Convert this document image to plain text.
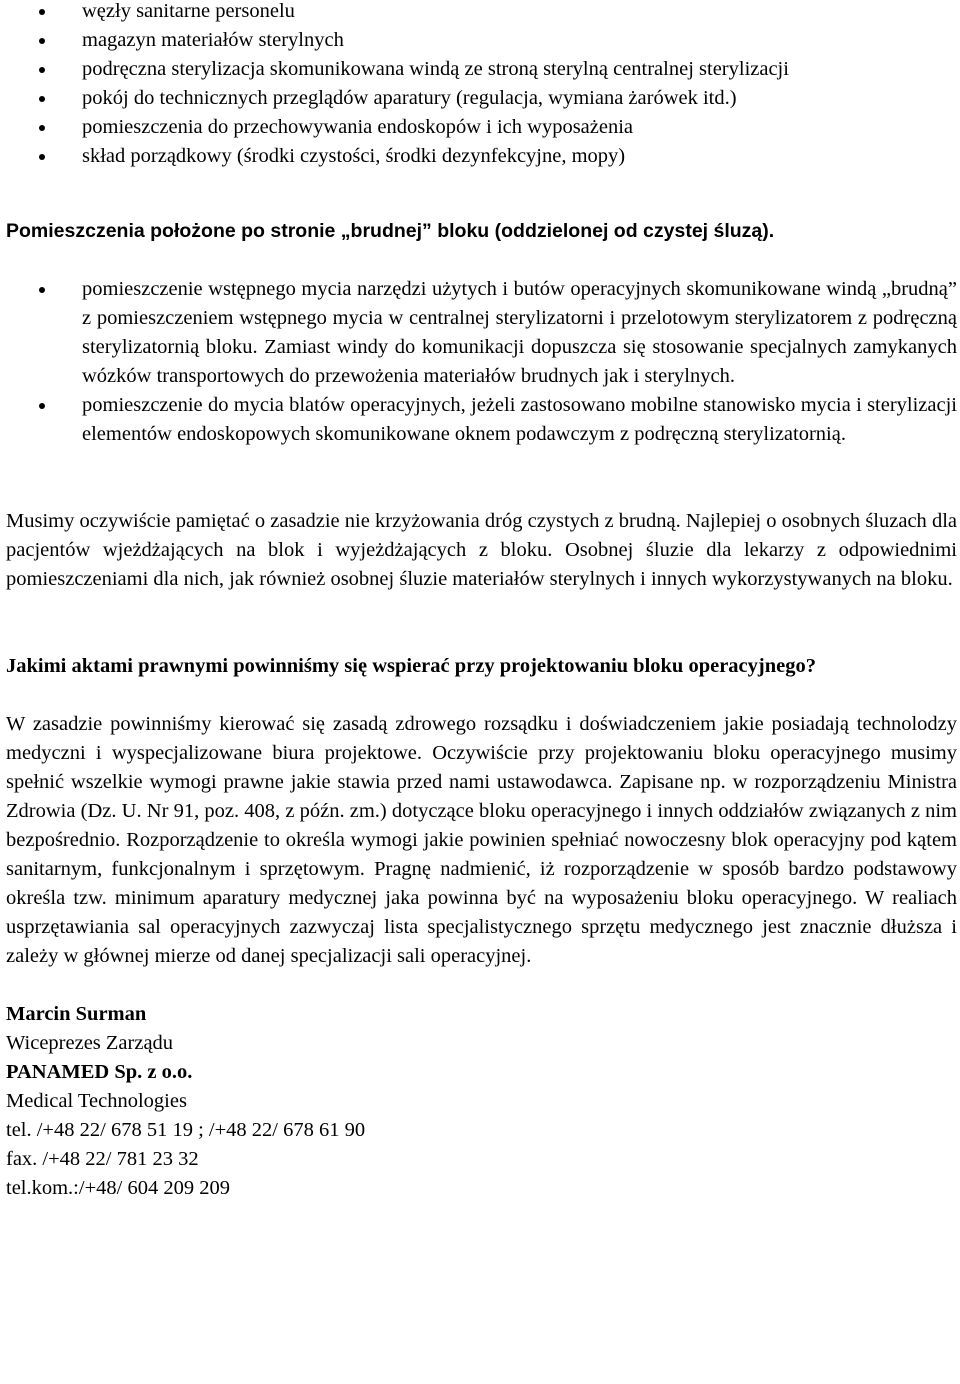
węzły sanitarne personelu
magazyn materiałów sterylnych
podręczna sterylizacja skomunikowana windą ze stroną sterylną centralnej sterylizacji
pokój do technicznych przeglądów aparatury (regulacja, wymiana żarówek itd.)
pomieszczenia do przechowywania endoskopów i ich wyposażenia
skład porządkowy (środki czystości, środki dezynfekcyjne, mopy)

Pomieszczenia położone po stronie „brudnej” bloku (oddzielonej od czystej śluzą).

pomieszczenie wstępnego mycia narzędzi użytych i butów operacyjnych skomunikowane windą „brudną” z pomieszczeniem wstępnego mycia w centralnej sterylizatorni i przelotowym sterylizatorem z podręczną sterylizatornią bloku. Zamiast windy do komunikacji dopuszcza się stosowanie specjalnych zamykanych wózków transportowych do przewożenia materiałów brudnych jak i sterylnych.
pomieszczenie do mycia blatów operacyjnych, jeżeli zastosowano mobilne stanowisko mycia i sterylizacji elementów endoskopowych skomunikowane oknem podawczym z podręczną sterylizatornią.

Musimy oczywiście pamiętać o zasadzie nie krzyżowania dróg czystych z brudną. Najlepiej o osobnych śluzach dla pacjentów wjeżdżających na blok i wyjeżdżających z bloku. Osobnej śluzie dla lekarzy z odpowiednimi pomieszczeniami dla nich, jak również osobnej śluzie materiałów sterylnych i innych wykorzystywanych na bloku.

Jakimi aktami prawnymi powinniśmy się wspierać przy projektowaniu bloku operacyjnego?

W zasadzie powinniśmy kierować się zasadą zdrowego rozsądku i doświadczeniem jakie posiadają technolodzy medyczni i wyspecjalizowane biura projektowe. Oczywiście przy projektowaniu bloku operacyjnego musimy spełnić wszelkie wymogi prawne jakie stawia przed nami ustawodawca. Zapisane np. w rozporządzeniu Ministra Zdrowia (Dz. U. Nr 91, poz. 408, z późn. zm.) dotyczące bloku operacyjnego i innych oddziałów związanych z nim bezpośrednio. Rozporządzenie to określa wymogi jakie powinien spełniać nowoczesny blok operacyjny pod kątem sanitarnym, funkcjonalnym i sprzętowym. Pragnę nadmienić, iż rozporządzenie w sposób bardzo podstawowy określa tzw. minimum aparatury medycznej jaka powinna być na wyposażeniu bloku operacyjnego. W realiach usprzętawiania sal operacyjnych zazwyczaj lista specjalistycznego sprzętu medycznego jest znacznie dłuższa i zależy w głównej mierze od danej specjalizacji sali operacyjnej.

Marcin Surman
Wiceprezes Zarządu
PANAMED Sp. z o.o.
Medical Technologies
tel. /+48 22/ 678 51 19 ; /+48 22/ 678 61 90
fax. /+48 22/ 781 23 32
tel.kom.:/+48/ 604 209 209
